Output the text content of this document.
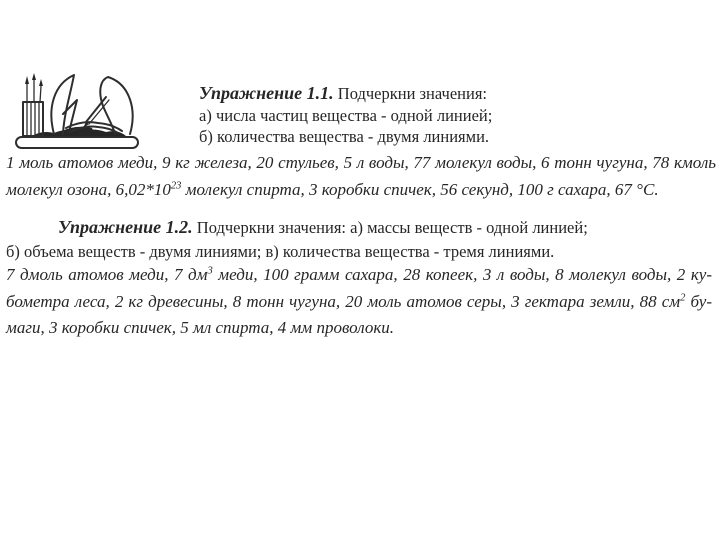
Упражнение 1.1. Подчеркни значения:
а) числа частиц вещества - одной линией;
б) количества вещества - двумя линиями.
1 моль атомов меди, 9 кг железа, 20 стульев, 5 л воды, 77 молекул воды, 6 тонн чугуна, 78 кмоль
молекул озона, $6,02*10^{23}$ молекул спирта, 3 коробки спичек, 56 секунд, 100 г сахара, 67 °С.
Упражнение 1.2. Подчеркни значения: а) массы веществ - одной линией;
б) объема веществ - двумя линиями; в) количества вещества - тремя линиями.
7 дмоль атомов меди, 7 $дм^3$ меди, 100 грамм сахара, 28 копеек, 3 л воды, 8 молекул воды, 2 ку-
бометра леса, 2 кг древесины, 8 тонн чугуна, 20 моль атомов серы, 3 гектара земли, 88 $см^2$ бу-
маги, 3 коробки спичек, 5 мл спирта, 4 мм проволоки.
